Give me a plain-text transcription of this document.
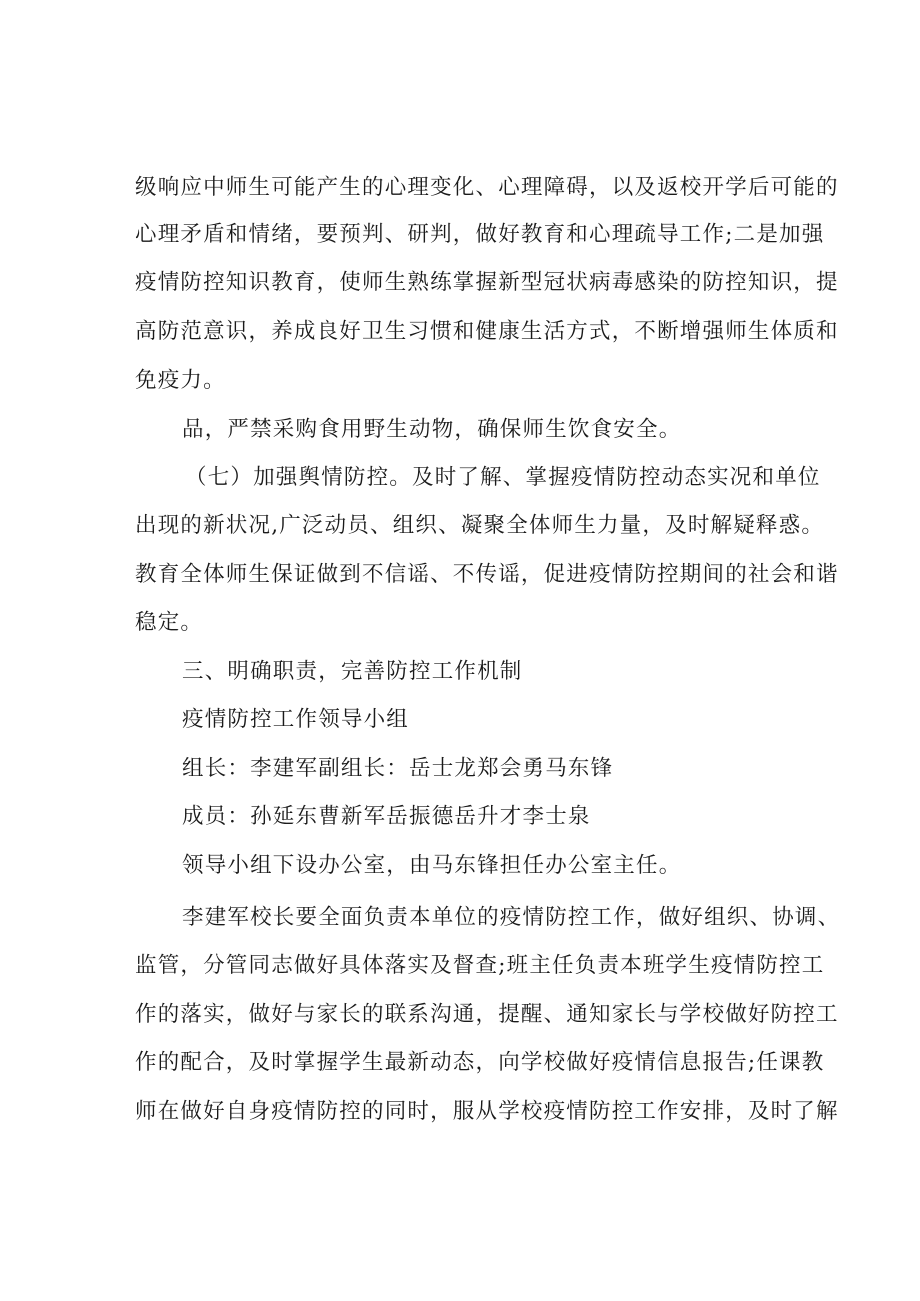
级响应中师生可能产生的心理变化、心理障碍，以及返校开学后可能的
心理矛盾和情绪，要预判、研判，做好教育和心理疏导工作;二是加强
疫情防控知识教育，使师生熟练掌握新型冠状病毒感染的防控知识，提
高防范意识，养成良好卫生习惯和健康生活方式，不断增强师生体质和
免疫力。
品，严禁采购食用野生动物，确保师生饮食安全。
（七）加强舆情防控。及时了解、掌握疫情防控动态实况和单位
出现的新状况,广泛动员、组织、凝聚全体师生力量，及时解疑释惑。
教育全体师生保证做到不信谣、不传谣，促进疫情防控期间的社会和谐
稳定。
三、明确职责，完善防控工作机制
疫情防控工作领导小组
组长：李建军副组长：岳士龙郑会勇马东锋
成员：孙延东曹新军岳振德岳升才李士泉
领导小组下设办公室，由马东锋担任办公室主任。
李建军校长要全面负责本单位的疫情防控工作，做好组织、协调、
监管，分管同志做好具体落实及督查;班主任负责本班学生疫情防控工
作的落实，做好与家长的联系沟通，提醒、通知家长与学校做好防控工
作的配合，及时掌握学生最新动态，向学校做好疫情信息报告;任课教
师在做好自身疫情防控的同时，服从学校疫情防控工作安排，及时了解
